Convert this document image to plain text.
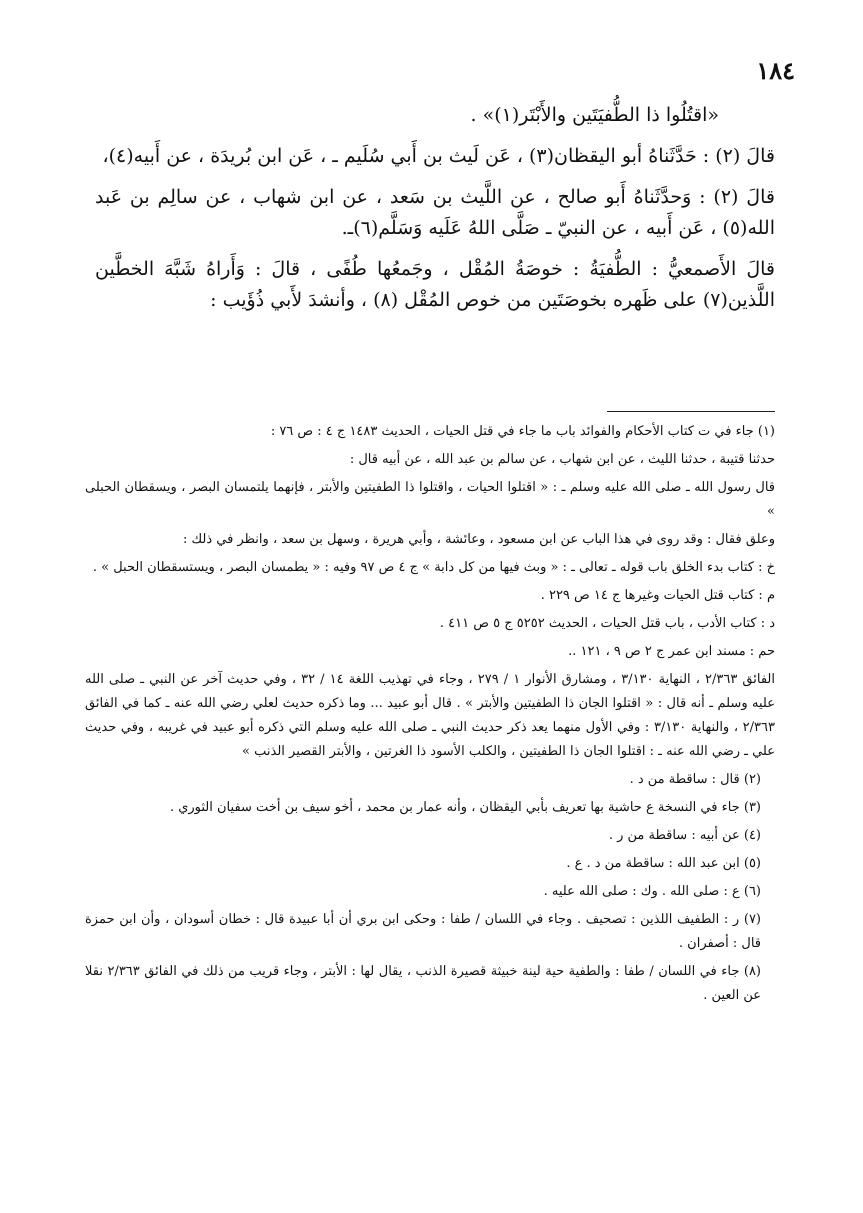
١٨٤

«اقتُلُوا ذا الطُّفيَتَين والأَبْتَر(١)» .

قالَ (٢) : حَدَّثَناهُ أبو اليقظان(٣) ، عَن لَيث بن أَبي سُلَيم ـ ، عَن ابن بُريدَة ، عن أَبيه(٤)،

قالَ (٢) : وَحدَّثَناهُ أَبو صالح ، عن اللَّيث بن سَعد ، عن ابن شهاب ، عن سالِم بن عَبد الله(٥) ، عَن أَبيه ، عن النبيّ ـ صَلَّى اللهُ عَلَيه وَسَلَّم(٦)ـ.

قالَ الأَصمعيُّ : الطُّفيَةُ : خوصَةُ المُقْل ، وجَمعُها طُفًى ، قالَ : وَأَراهُ شَبَّهَ الخطَّين اللَّذين(٧) على ظَهره بخوصَتَين من خوص المُقْل (٨) ، وأنشدَ لأَبي ذُؤَيب :

(١) جاء في ت كتاب الأحكام والفوائد باب ما جاء في قتل الحيات ، الحديث ١٤٨٣ ج ٤ : ص ٧٦ :

حدثنا قتيبة ، حدثنا الليث ، عن ابن شهاب ، عن سالم بن عبد الله ، عن أبيه قال :

قال رسول الله ـ صلى الله عليه وسلم ـ : « اقتلوا الحيات ، واقتلوا ذا الطفيتين والأبتر ، فإنهما يلتمسان البصر ، ويسقطان الحبلى »

وعلق فقال : وقد روى في هذا الباب عن ابن مسعود ، وعائشة ، وأبي هريرة ، وسهل بن سعد ، وانظر في ذلك :

خ : كتاب بدء الخلق باب قوله ـ تعالى ـ : « وبث فيها من كل دابة » ج ٤ ص ٩٧ وفيه : « يطمسان البصر ، ويستسقطان الحبل » .

م : كتاب قتل الحيات وغيرها ج ١٤ ص ٢٢٩ .

د : كتاب الأدب ، باب قتل الحيات ، الحديث ٥٢٥٢ ج ٥ ص ٤١١ .

حم : مسند ابن عمر ج ٢ ص ٩ ، ١٢١ ..

الفائق ٢/٣٦٣ ، النهاية ٣/١٣٠ ، ومشارق الأنوار ١ / ٢٧٩ ، وجاء في تهذيب اللغة ١٤ / ٣٢ ، وفي حديث آخر عن النبي ـ صلى الله عليه وسلم ـ أنه قال : « اقتلوا الجان ذا الطفيتين والأبتر » . قال أبو عبيد ... وما ذكره حديث لعلي رضي الله عنه ـ كما في الفائق ٢/٣٦٣ ، والنهاية ٣/١٣٠ : وفي الأول منهما يعد ذكر حديث النبي ـ صلى الله عليه وسلم التي ذكره أبو عبيد في غريبه ، وفي حديث علي ـ رضي الله عنه ـ : اقتلوا الجان ذا الطفيتين ، والكلب الأسود ذا الغرتين ، والأبتر القصير الذنب »

(٢) قال : ساقطة من د .

(٣) جاء في النسخة ع حاشية بها تعريف بأبي اليقظان ، وأنه عمار بن محمد ، أخو سيف بن أخت سفيان الثوري .

(٤) عن أبيه : ساقطة من ر .

(٥) ابن عبد الله : ساقطة من د . ع .

(٦) ع : صلى الله . وك : صلى الله عليه .

(٧) ر : الطفيف اللذين : تصحيف . وجاء في اللسان / طفا : وحكى ابن بري أن أبا عبيدة قال : خطان أسودان ، وأن ابن حمزة قال : أصفران .

(٨) جاء في اللسان / طفا : والطفية حية لينة خبيثة قصيرة الذنب ، يقال لها : الأبتر ، وجاء قريب من ذلك في الفائق ٢/٣٦٣ نقلا عن العين .
